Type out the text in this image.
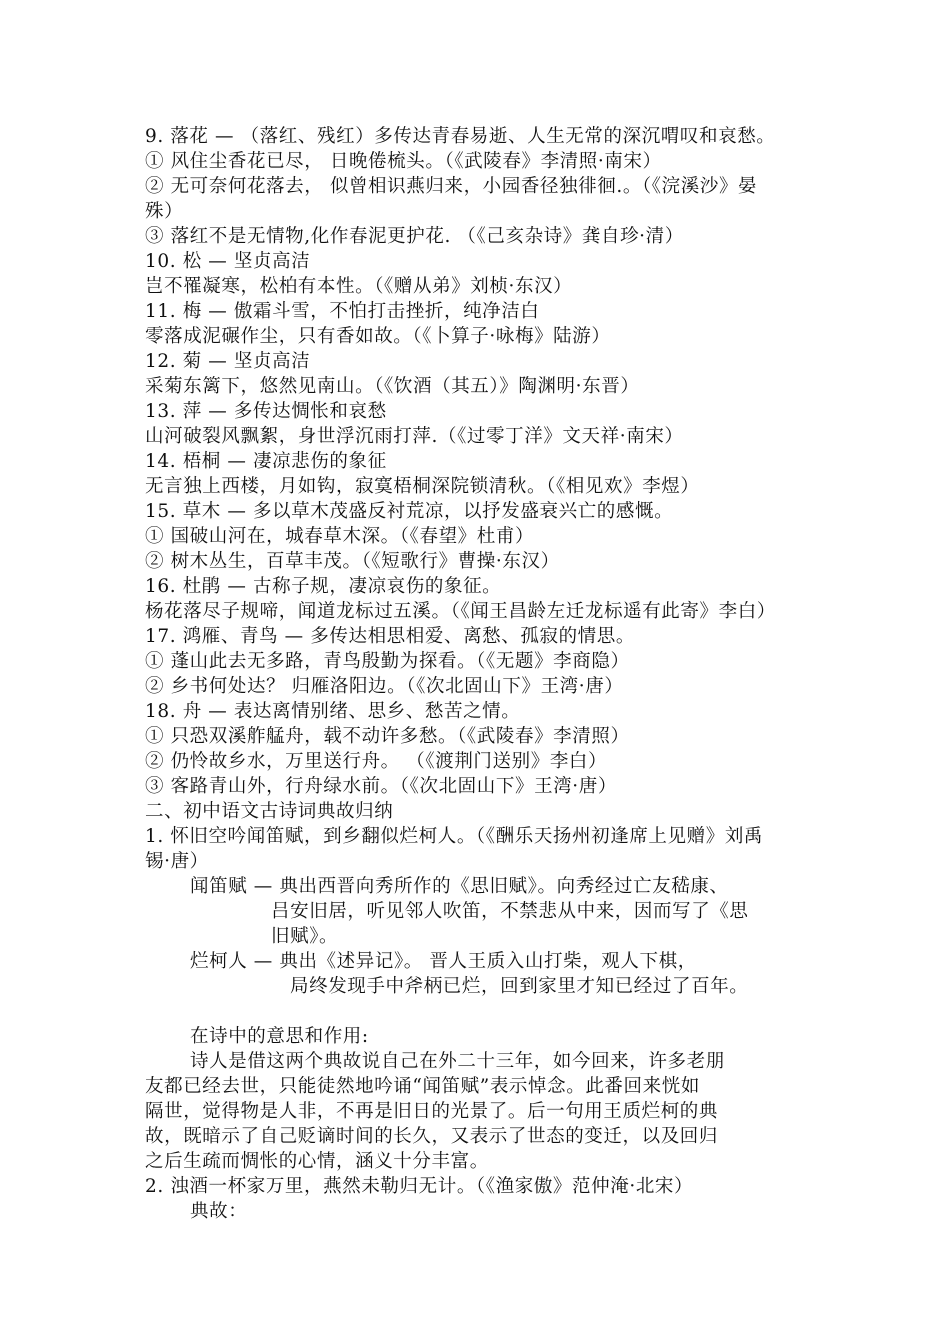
9. 落花 — （落红、残红）多传达青春易逝、人生无常的深沉喟叹和哀愁。
① 风住尘香花已尽， 日晚倦梳头。（《武陵春》李清照·南宋）
② 无可奈何花落去， 似曾相识燕归来，小园香径独徘徊.。（《浣溪沙》晏
殊）
③ 落红不是无情物,化作春泥更护花. （《己亥杂诗》龚自珍·清）
10. 松 — 坚贞高洁
岂不罹凝寒，松柏有本性。（《赠从弟》刘桢·东汉）
11. 梅 — 傲霜斗雪，不怕打击挫折，纯净洁白
零落成泥碾作尘，只有香如故。（《卜算子·咏梅》陆游）
12. 菊 — 坚贞高洁
采菊东篱下，悠然见南山。（《饮酒（其五）》陶渊明·东晋）
13. 萍 — 多传达惆怅和哀愁
山河破裂风飘絮，身世浮沉雨打萍.（《过零丁洋》文天祥·南宋）
14. 梧桐 — 凄凉悲伤的象征
无言独上西楼，月如钩，寂寞梧桐深院锁清秋。（《相见欢》李煜）
15. 草木 — 多以草木茂盛反衬荒凉，以抒发盛衰兴亡的感慨。
① 国破山河在，城春草木深。（《春望》杜甫）
② 树木丛生，百草丰茂。（《短歌行》曹操·东汉）
16. 杜鹃 — 古称子规，凄凉哀伤的象征。
杨花落尽子规啼，闻道龙标过五溪。（《闻王昌龄左迁龙标遥有此寄》李白）
17. 鸿雁、青鸟 — 多传达相思相爱、离愁、孤寂的情思。
① 蓬山此去无多路，青鸟殷勤为探看。（《无题》李商隐）
② 乡书何处达？ 归雁洛阳边。（《次北固山下》王湾·唐）
18. 舟 — 表达离情别绪、思乡、愁苦之情。
① 只恐双溪舴艋舟，载不动许多愁。（《武陵春》李清照）
② 仍怜故乡水，万里送行舟。 （《渡荆门送别》李白）
③ 客路青山外，行舟绿水前。（《次北固山下》王湾·唐）
二、初中语文古诗词典故归纳
1. 怀旧空吟闻笛赋，到乡翻似烂柯人。（《酬乐天扬州初逢席上见赠》刘禹
锡·唐）
闻笛赋 — 典出西晋向秀所作的《思旧赋》。向秀经过亡友嵇康、
吕安旧居，听见邻人吹笛，不禁悲从中来，因而写了《思
旧赋》。
烂柯人 — 典出《述异记》。 晋人王质入山打柴，观人下棋，
局终发现手中斧柄已烂，回到家里才知已经过了百年。
在诗中的意思和作用:
诗人是借这两个典故说自己在外二十三年，如今回来，许多老朋
友都已经去世，只能徒然地吟诵“闻笛赋”表示悼念。此番回来恍如
隔世，觉得物是人非，不再是旧日的光景了。后一句用王质烂柯的典
故，既暗示了自己贬谪时间的长久，又表示了世态的变迁，以及回归
之后生疏而惆怅的心情，涵义十分丰富。
2. 浊酒一杯家万里，燕然未勒归无计。（《渔家傲》范仲淹·北宋）
典故：
